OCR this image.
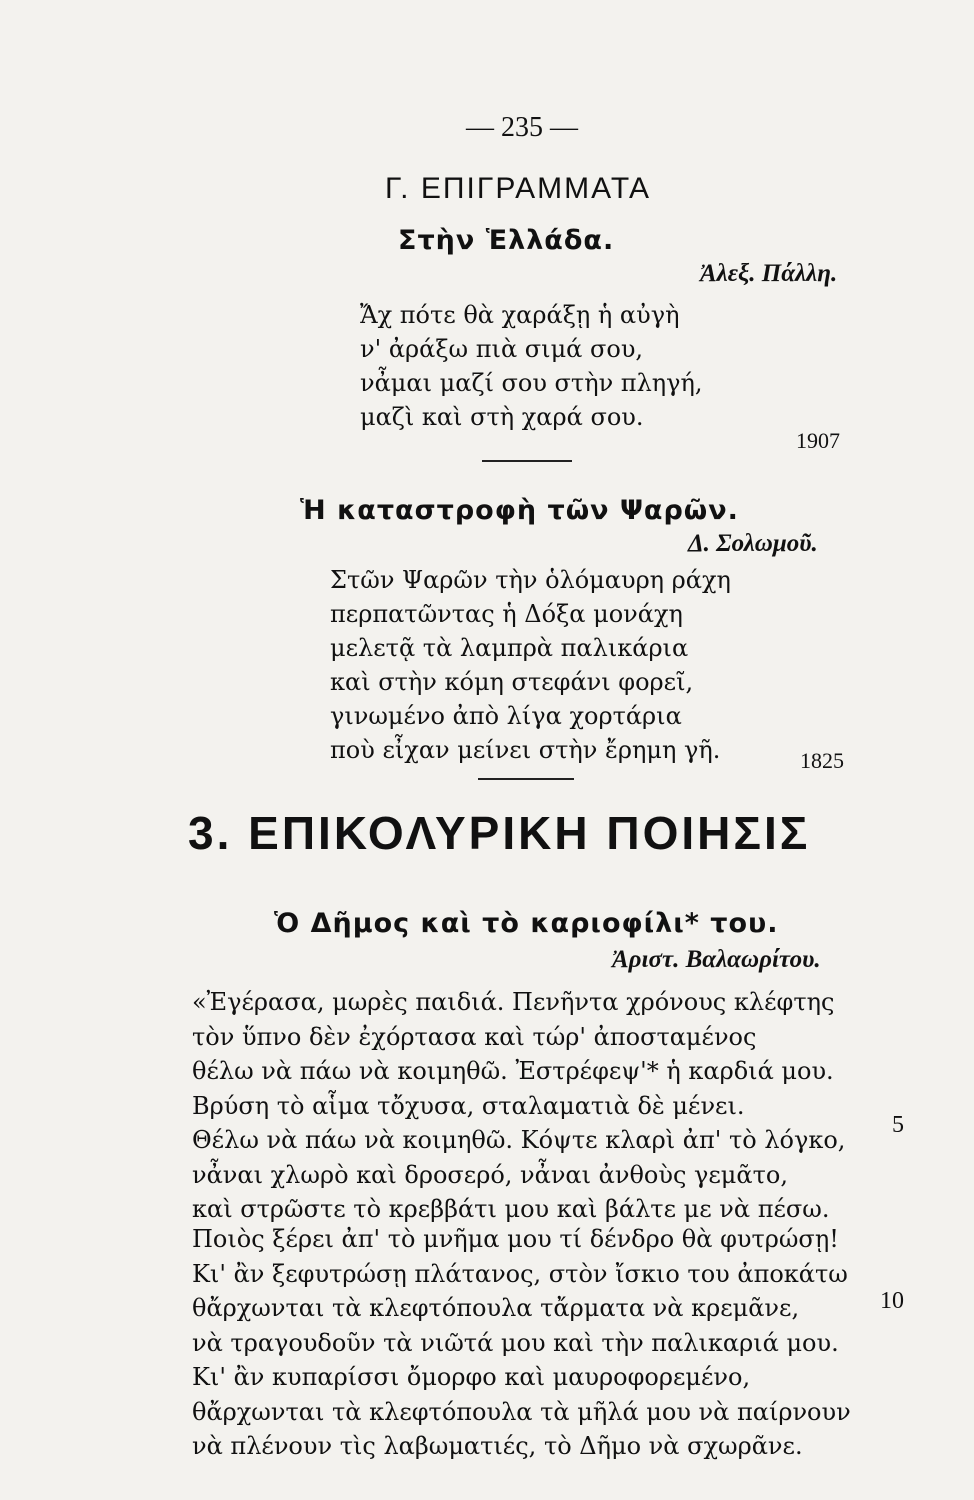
— 235 —
Γ. ΕΠΙΓΡΑΜΜΑΤΑ
Στὴν Ἑλλάδα.
Ἀλεξ. Πάλλη.
Ἄχ πότε θὰ χαράξῃ ἡ αὐγὴ
ν' ἀράξω πιὰ σιμά σου,
νἆμαι μαζί σου στὴν πληγή,
μαζὶ καὶ στὴ χαρά σου.
1907
Ἡ καταστροφὴ τῶν Ψαρῶν.
Δ. Σολωμοῦ.
Στῶν Ψαρῶν τὴν ὁλόμαυρη ράχη
περπατῶντας ἡ Δόξα μονάχη
μελετᾷ τὰ λαμπρὰ παλικάρια
καὶ στὴν κόμη στεφάνι φορεῖ,
γινωμένο ἀπὸ λίγα χορτάρια
ποὺ εἶχαν μείνει στὴν ἔρημη γῆ.	1825
3. ΕΠΙΚΟΛΥΡΙΚΗ ΠΟΙΗΣΙΣ
Ὁ Δῆμος καὶ τὸ καριοφίλι* του.
Ἀριστ. Βαλαωρίτου.
«Ἐγέρασα, μωρὲς παιδιά. Πενῆντα χρόνους κλέφτης
τὸν ὕπνο δὲν ἐχόρτασα καὶ τώρ' ἀποσταμένος
θέλω νὰ πάω νὰ κοιμηθῶ. Ἐστρέφεψ'* ἡ καρδιά μου.
Βρύση τὸ αἷμα τὄχυσα, σταλαματιὰ δὲ μένει.
Θέλω νὰ πάω νὰ κοιμηθῶ. Κόψτε κλαρὶ ἀπ' τὸ λόγκο,
νἆναι χλωρὸ καὶ δροσερό, νἆναι ἀνθοὺς γεμᾶτο,
καὶ στρῶστε τὸ κρεββάτι μου καὶ βάλτε με νὰ πέσω.
5
Ποιὸς ξέρει ἀπ' τὸ μνῆμα μου τί δένδρο θὰ φυτρώσῃ!
Κι' ἂν ξεφυτρώσῃ πλάτανος, στὸν ἴσκιο του ἀποκάτω
θἄρχωνται τὰ κλεφτόπουλα τἄρματα νὰ κρεμᾶνε,
νὰ τραγουδοῦν τὰ νιῶτά μου καὶ τὴν παλικαριά μου.
Κι' ἂν κυπαρίσσι ὄμορφο καὶ μαυροφορεμένο,
θἄρχωνται τὰ κλεφτόπουλα τὰ μῆλά μου νὰ παίρνουν
νὰ πλένουν τὶς λαβωματιές, τὸ Δῆμο νὰ σχωρᾶνε.
10
